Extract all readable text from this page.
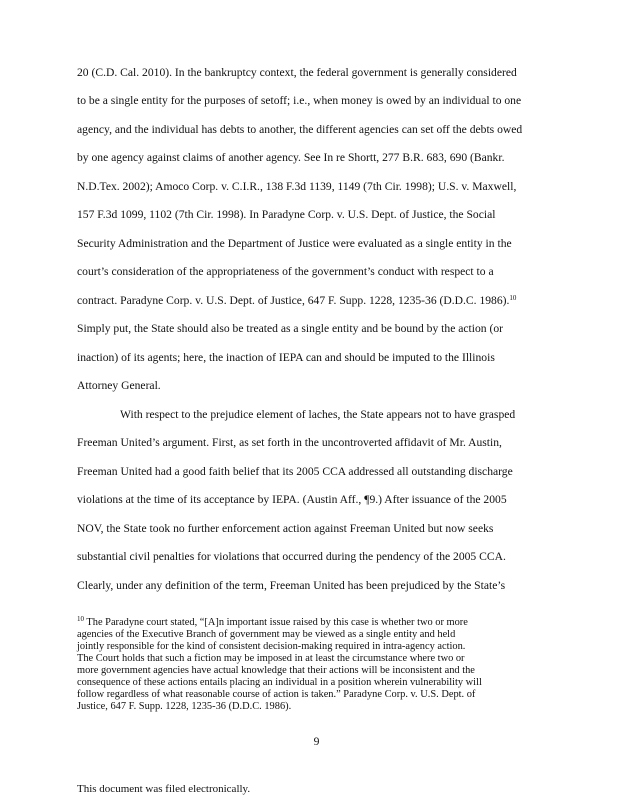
20 (C.D. Cal. 2010). In the bankruptcy context, the federal government is generally considered
to be a single entity for the purposes of setoff; i.e., when money is owed by an individual to one
agency, and the individual has debts to another, the different agencies can set off the debts owed
by one agency against claims of another agency. See In re Shortt, 277 B.R. 683, 690 (Bankr.
N.D.Tex. 2002); Amoco Corp. v. C.I.R., 138 F.3d 1139, 1149 (7th Cir. 1998); U.S. v. Maxwell,
157 F.3d 1099, 1102 (7th Cir. 1998). In Paradyne Corp. v. U.S. Dept. of Justice, the Social
Security Administration and the Department of Justice were evaluated as a single entity in the
court’s consideration of the appropriateness of the government’s conduct with respect to a
contract. Paradyne Corp. v. U.S. Dept. of Justice, 647 F. Supp. 1228, 1235-36 (D.D.C. 1986).$^{10}$
Simply put, the State should also be treated as a single entity and be bound by the action (or
inaction) of its agents; here, the inaction of IEPA can and should be imputed to the Illinois
Attorney General.
With respect to the prejudice element of laches, the State appears not to have grasped
Freeman United’s argument. First, as set forth in the uncontroverted affidavit of Mr. Austin,
Freeman United had a good faith belief that its 2005 CCA addressed all outstanding discharge
violations at the time of its acceptance by IEPA. (Austin Aff., ¶9.) After issuance of the 2005
NOV, the State took no further enforcement action against Freeman United but now seeks
substantial civil penalties for violations that occurred during the pendency of the 2005 CCA.
Clearly, under any definition of the term, Freeman United has been prejudiced by the State’s
$^{10}$ The Paradyne court stated, “[A]n important issue raised by this case is whether two or more
agencies of the Executive Branch of government may be viewed as a single entity and held
jointly responsible for the kind of consistent decision-making required in intra-agency action.
The Court holds that such a fiction may be imposed in at least the circumstance where two or
more government agencies have actual knowledge that their actions will be inconsistent and the
consequence of these actions entails placing an individual in a position wherein vulnerability will
follow regardless of what reasonable course of action is taken.” Paradyne Corp. v. U.S. Dept. of
Justice, 647 F. Supp. 1228, 1235-36 (D.D.C. 1986).
9
This document was filed electronically.
